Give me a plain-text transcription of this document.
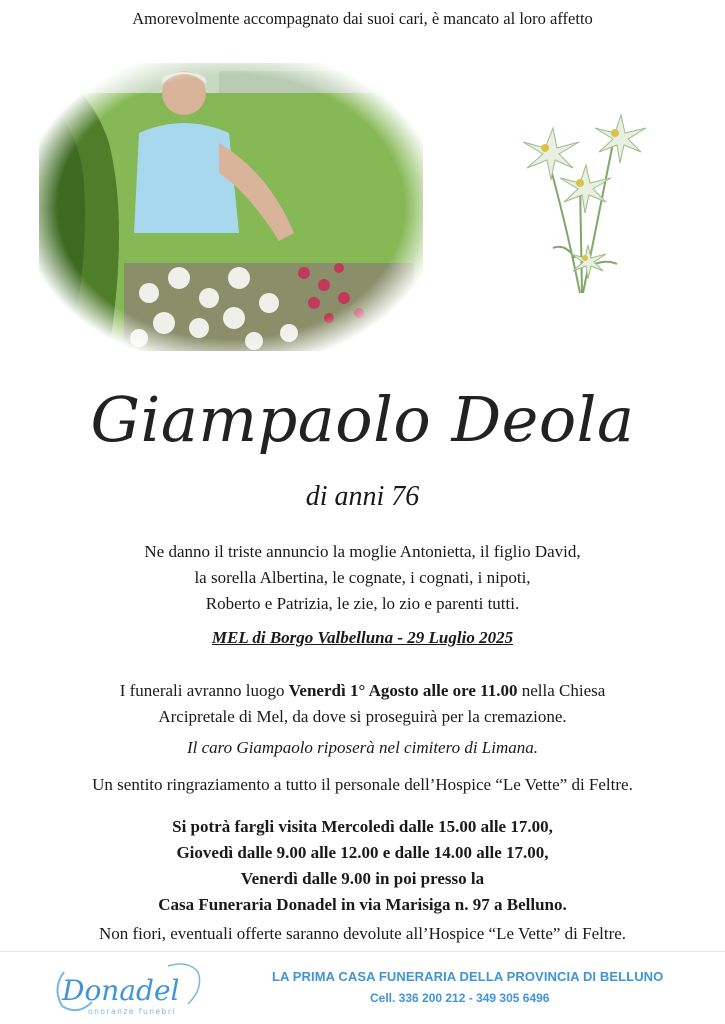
Amorevolmente accompagnato dai suoi cari, è mancato al loro affetto
Giampaolo Deola
di anni 76
Ne danno il triste annuncio la moglie Antonietta, il figlio David,
la sorella Albertina, le cognate, i cognati, i nipoti,
Roberto e Patrizia, le zie, lo zio e parenti tutti.
MEL di Borgo Valbelluna - 29 Luglio 2025
I funerali avranno luogo Venerdì 1° Agosto alle ore 11.00 nella Chiesa
Arcipretale di Mel, da dove si proseguirà per la cremazione.
Il caro Giampaolo riposerà nel cimitero di Limana.
Un sentito ringraziamento a tutto il personale dell’Hospice “Le Vette” di Feltre.
Si potrà fargli visita Mercoledì dalle 15.00 alle 17.00,
Giovedì dalle 9.00 alle 12.00 e dalle 14.00 alle 17.00,
Venerdì dalle 9.00 in poi presso la
Casa Funeraria Donadel in via Marisiga n. 97 a Belluno.
Non fiori, eventuali offerte saranno devolute all’Hospice “Le Vette” di Feltre.
Donadel
onoranze funebri
LA PRIMA CASA FUNERARIA DELLA PROVINCIA DI BELLUNO
Cell. 336 200 212 - 349 305 6496
